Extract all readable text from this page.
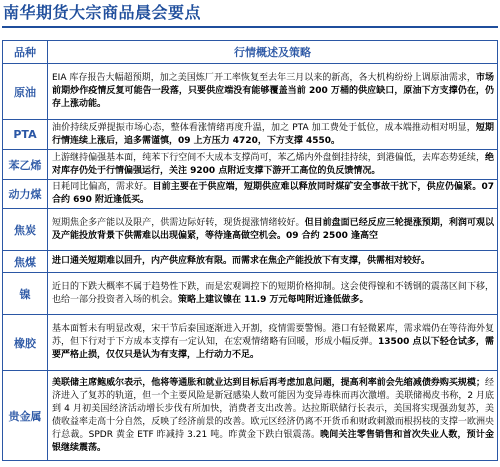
南华期货大宗商品晨会要点
品种	行情概述及策略
原油	EIA 库存报告大幅超预期，加之美国炼厂开工率恢复至去年三月以来的新高，各大机构纷纷上调原油需求，市场前期炒作疫情反复可能告一段落，只要供应端没有能够覆盖当前 200 万桶的供应缺口，原油下方支撑仍在，仍存上涨动能。
PTA	油价持续反弹提振市场心态，整体看涨情绪再度升温，加之 PTA 加工费处于低位，成本端推动相对明显，短期行情连续上涨后，追多需谨慎，09 上方压力 4720，下方支撑 4550。
苯乙烯	上游继持偏强基本面，纯苯下行空间不大成本支撑尚可，苯乙烯内外盘倒挂持续，到港偏低，去库态势延续，绝对库存仍处于行情偏强运行，关注 9200 点附近支撑下游开工高位的负反馈情况。
动力煤	日耗同比偏高，需求好。目前主要在于供应端，短期供应难以释放同时煤矿安全事故干扰下，供应仍偏紧。07 合约 690 附近逢低买。
焦炭	短期焦企多产能以及限产，供需边际好转，现货提涨情绪较好。但目前盘面已经反应三轮提涨预期，利润可观以及产能投放背景下供需难以出现偏紧，等待逢高做空机会。09 合约 2500 逢高空
焦煤	进口通关短期难以回升，内产供应释放有限。而需求在焦企产能投放下有支撑，供需相对较好。
镍	近日的下跌大概率不属于趋势性下跌，而是宏观调控下的短期价格抑制。这会使得镍和不锈钢的震荡区间下移，也给一部分投资者入场的机会。策略上建议镍在 11.9 万元每吨附近逢低做多。
橡胶	基本面暂未有明显改观，宋干节后泰国逐渐进入开割，疫情需要警惕。港口有轻微累库，需求端仍在等待海外复苏，但下行对于下方成本支撑有一定认知，在宏观情绪略有回暖，形成小幅反弹。13500 点以下轻仓试多，需要严格止损，仅仅只是认为有支撑，上行动力不足。
贵金属	美联储主席鲍威尔表示，他将等通胀和就业达到目标后再考虑加息问题，提高利率前会先缩减债券购买规模；经济进入了复苏的轨道，但一个主要风险是新冠感染人数可能因为变异毒株而再次激增。美联储褐皮书称，2 月底到 4 月初美国经济活动增长步伐有所加快，消费者支出改善。达拉斯联储行长表示，美国将实现强劲复苏，美债收益率走高十分自然，反映了经济前景的改善。欧元区经济仍离不开货币和财政刺激而根拐枝的支撑一欧洲央行总裁。SPDR 黄金 ETF 昨减持 3.21 吨。昨黄金下跌白银震荡。晚间关注零售销售和首次失业人数，预计金银继续震荡。
